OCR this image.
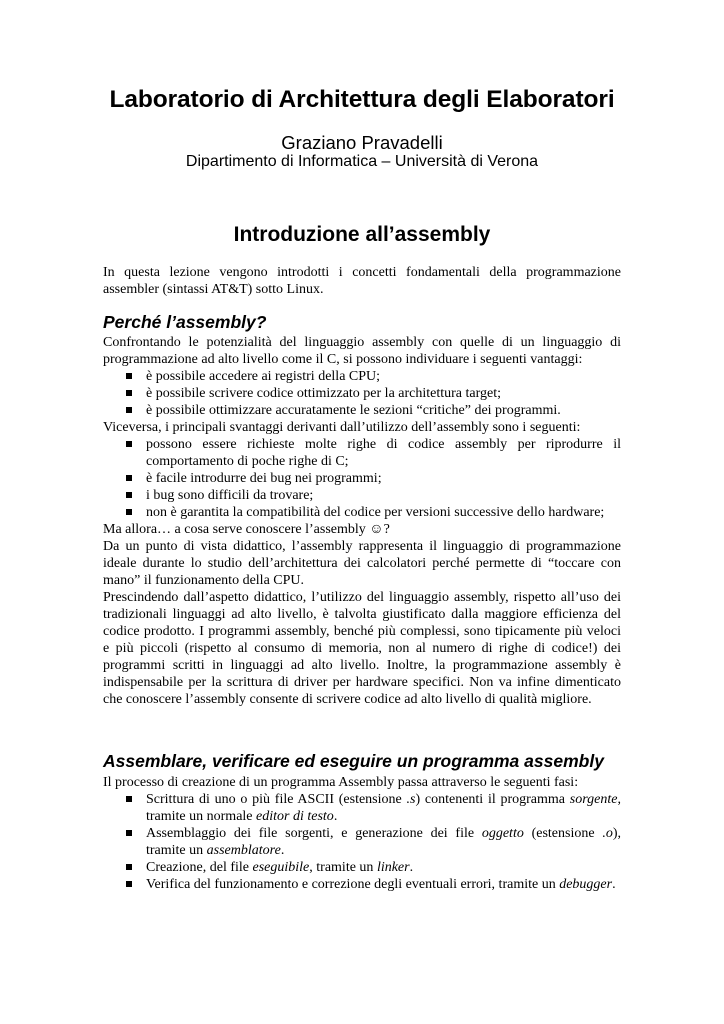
Laboratorio di Architettura degli Elaboratori
Graziano Pravadelli
Dipartimento di Informatica – Università di Verona
Introduzione all’assembly

In questa lezione vengono introdotti i concetti fondamentali della programmazione assembler (sintassi AT&T) sotto Linux.

Perché l’assembly?

Confrontando le potenzialità del linguaggio assembly con quelle di un linguaggio di programmazione ad alto livello come il C, si possono individuare i seguenti vantaggi:

è possibile accedere ai registri della CPU;
è possibile scrivere codice ottimizzato per la architettura target;
è possibile ottimizzare accuratamente le sezioni “critiche” dei programmi.

Viceversa, i principali svantaggi derivanti dall’utilizzo dell’assembly sono i seguenti:

possono essere richieste molte righe di codice assembly per riprodurre il comportamento di poche righe di C;
è facile introdurre dei bug nei programmi;
i bug sono difficili da trovare;
non è garantita la compatibilità del codice per versioni successive dello hardware;

Ma allora… a cosa serve conoscere l’assembly ☺?

Da un punto di vista didattico, l’assembly rappresenta il linguaggio di programmazione ideale durante lo studio dell’architettura dei calcolatori perché permette di “toccare con mano” il funzionamento della CPU.

Prescindendo dall’aspetto didattico, l’utilizzo del linguaggio assembly, rispetto all’uso dei tradizionali linguaggi ad alto livello, è talvolta giustificato dalla maggiore efficienza del codice prodotto. I programmi assembly, benché più complessi, sono tipicamente più veloci e più piccoli (rispetto al consumo di memoria, non al numero di righe di codice!) dei programmi scritti in linguaggi ad alto livello. Inoltre, la programmazione assembly è indispensabile per la scrittura di driver per hardware specifici. Non va infine dimenticato che conoscere l’assembly consente di scrivere codice ad alto livello di qualità migliore.

Assemblare, verificare ed eseguire un programma assembly

Il processo di creazione di un programma Assembly passa attraverso le seguenti fasi:

Scrittura di uno o più file ASCII (estensione .s) contenenti il programma sorgente, tramite un normale editor di testo.
Assemblaggio dei file sorgenti, e generazione dei file oggetto (estensione .o), tramite un assemblatore.
Creazione, del file eseguibile, tramite un linker.
Verifica del funzionamento e correzione degli eventuali errori, tramite un debugger.
